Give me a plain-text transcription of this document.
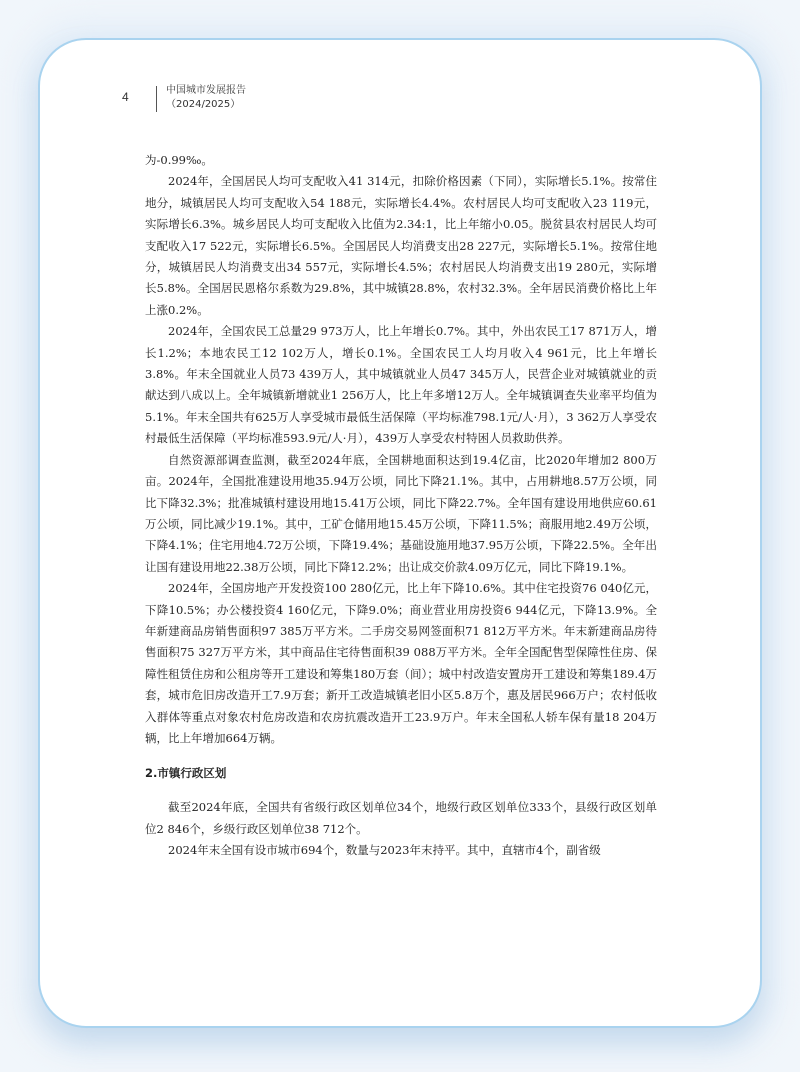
4	中国城市发展报告
（2024/2025）

为-0.99‰。

2024年，全国居民人均可支配收入41 314元，扣除价格因素（下同），实际增长5.1%。按常住地分，城镇居民人均可支配收入54 188元，实际增长4.4%。农村居民人均可支配收入23 119元，实际增长6.3%。城乡居民人均可支配收入比值为2.34:1，比上年缩小0.05。脱贫县农村居民人均可支配收入17 522元，实际增长6.5%。全国居民人均消费支出28 227元，实际增长5.1%。按常住地分，城镇居民人均消费支出34 557元，实际增长4.5%；农村居民人均消费支出19 280元，实际增长5.8%。全国居民恩格尔系数为29.8%，其中城镇28.8%，农村32.3%。全年居民消费价格比上年上涨0.2%。

2024年，全国农民工总量29 973万人，比上年增长0.7%。其中，外出农民工17 871万人，增长1.2%；本地农民工12 102万人，增长0.1%。全国农民工人均月收入4 961元，比上年增长3.8%。年末全国就业人员73 439万人，其中城镇就业人员47 345万人，民营企业对城镇就业的贡献达到八成以上。全年城镇新增就业1 256万人，比上年多增12万人。全年城镇调查失业率平均值为5.1%。年末全国共有625万人享受城市最低生活保障（平均标准798.1元/人·月），3 362万人享受农村最低生活保障（平均标准593.9元/人·月），439万人享受农村特困人员救助供养。

自然资源部调查监测，截至2024年底，全国耕地面积达到19.4亿亩，比2020年增加2 800万亩。2024年，全国批准建设用地35.94万公顷，同比下降21.1%。其中，占用耕地8.57万公顷，同比下降32.3%；批准城镇村建设用地15.41万公顷，同比下降22.7%。全年国有建设用地供应60.61万公顷，同比减少19.1%。其中，工矿仓储用地15.45万公顷，下降11.5%；商服用地2.49万公顷，下降4.1%；住宅用地4.72万公顷，下降19.4%；基础设施用地37.95万公顷，下降22.5%。全年出让国有建设用地22.38万公顷，同比下降12.2%；出让成交价款4.09万亿元，同比下降19.1%。

2024年，全国房地产开发投资100 280亿元，比上年下降10.6%。其中住宅投资76 040亿元，下降10.5%；办公楼投资4 160亿元，下降9.0%；商业营业用房投资6 944亿元，下降13.9%。全年新建商品房销售面积97 385万平方米。二手房交易网签面积71 812万平方米。年末新建商品房待售面积75 327万平方米，其中商品住宅待售面积39 088万平方米。全年全国配售型保障性住房、保障性租赁住房和公租房等开工建设和筹集180万套（间）；城中村改造安置房开工建设和筹集189.4万套，城市危旧房改造开工7.9万套；新开工改造城镇老旧小区5.8万个，惠及居民966万户；农村低收入群体等重点对象农村危房改造和农房抗震改造开工23.9万户。年末全国私人轿车保有量18 204万辆，比上年增加664万辆。

2.市镇行政区划

截至2024年底，全国共有省级行政区划单位34个，地级行政区划单位333个，县级行政区划单位2 846个，乡级行政区划单位38 712个。

2024年末全国有设市城市694个，数量与2023年末持平。其中，直辖市4个，副省级
